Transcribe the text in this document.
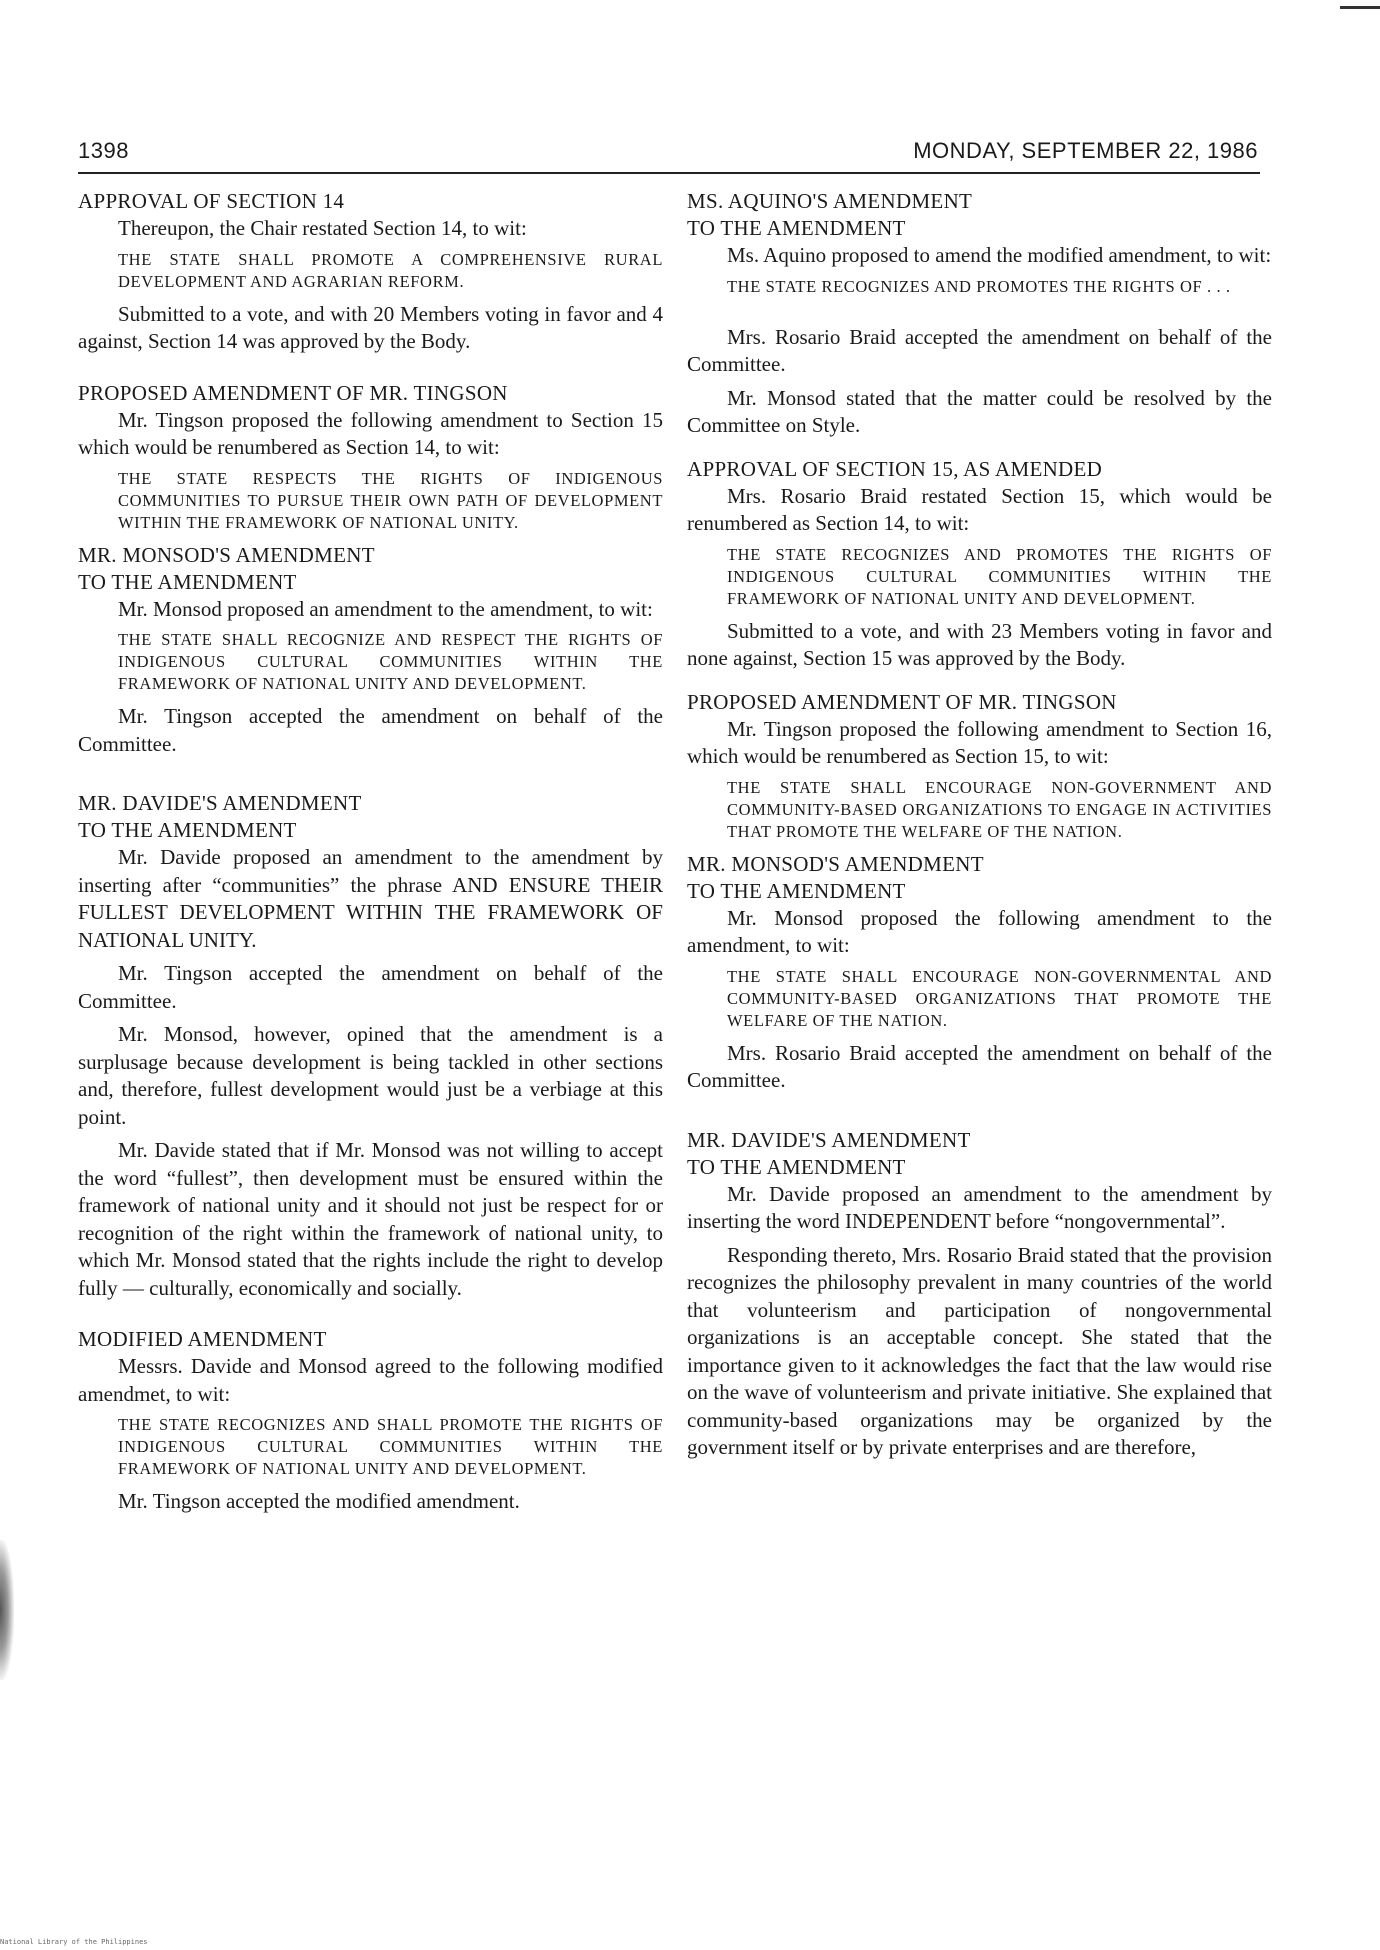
1398	MONDAY, SEPTEMBER 22, 1986
APPROVAL OF SECTION 14
Thereupon, the Chair restated Section 14, to wit:
THE STATE SHALL PROMOTE A COMPREHENSIVE RURAL DEVELOPMENT AND AGRARIAN REFORM.
Submitted to a vote, and with 20 Members voting in favor and 4 against, Section 14 was approved by the Body.
PROPOSED AMENDMENT OF MR. TINGSON
Mr. Tingson proposed the following amendment to Section 15 which would be renumbered as Section 14, to wit:
THE STATE RESPECTS THE RIGHTS OF INDIGENOUS COMMUNITIES TO PURSUE THEIR OWN PATH OF DEVELOPMENT WITHIN THE FRAMEWORK OF NATIONAL UNITY.
MR. MONSOD'S AMENDMENT
TO THE AMENDMENT
Mr. Monsod proposed an amendment to the amendment, to wit:
THE STATE SHALL RECOGNIZE AND RESPECT THE RIGHTS OF INDIGENOUS CULTURAL COMMUNITIES WITHIN THE FRAMEWORK OF NATIONAL UNITY AND DEVELOPMENT.
Mr. Tingson accepted the amendment on behalf of the Committee.
MR. DAVIDE'S AMENDMENT
TO THE AMENDMENT
Mr. Davide proposed an amendment to the amendment by inserting after “communities” the phrase AND ENSURE THEIR FULLEST DEVELOPMENT WITHIN THE FRAMEWORK OF NATIONAL UNITY.
Mr. Tingson accepted the amendment on behalf of the Committee.
Mr. Monsod, however, opined that the amendment is a surplusage because development is being tackled in other sections and, therefore, fullest development would just be a verbiage at this point.
Mr. Davide stated that if Mr. Monsod was not willing to accept the word “fullest”, then development must be ensured within the framework of national unity and it should not just be respect for or recognition of the right within the framework of national unity, to which Mr. Monsod stated that the rights include the right to develop fully — culturally, economically and socially.
MODIFIED AMENDMENT
Messrs. Davide and Monsod agreed to the following modified amendmet, to wit:
THE STATE RECOGNIZES AND SHALL PROMOTE THE RIGHTS OF INDIGENOUS CULTURAL COMMUNITIES WITHIN THE FRAMEWORK OF NATIONAL UNITY AND DEVELOPMENT.
Mr. Tingson accepted the modified amendment.
MS. AQUINO'S AMENDMENT
TO THE AMENDMENT
Ms. Aquino proposed to amend the modified amendment, to wit:
THE STATE RECOGNIZES AND PROMOTES THE RIGHTS OF . . .
Mrs. Rosario Braid accepted the amendment on behalf of the Committee.
Mr. Monsod stated that the matter could be resolved by the Committee on Style.
APPROVAL OF SECTION 15, AS AMENDED
Mrs. Rosario Braid restated Section 15, which would be renumbered as Section 14, to wit:
THE STATE RECOGNIZES AND PROMOTES THE RIGHTS OF INDIGENOUS CULTURAL COMMUNITIES WITHIN THE FRAMEWORK OF NATIONAL UNITY AND DEVELOPMENT.
Submitted to a vote, and with 23 Members voting in favor and none against, Section 15 was approved by the Body.
PROPOSED AMENDMENT OF MR. TINGSON
Mr. Tingson proposed the following amendment to Section 16, which would be renumbered as Section 15, to wit:
THE STATE SHALL ENCOURAGE NON-GOVERNMENT AND COMMUNITY-BASED ORGANIZATIONS TO ENGAGE IN ACTIVITIES THAT PROMOTE THE WELFARE OF THE NATION.
MR. MONSOD'S AMENDMENT
TO THE AMENDMENT
Mr. Monsod proposed the following amendment to the amendment, to wit:
THE STATE SHALL ENCOURAGE NON-GOVERNMENTAL AND COMMUNITY-BASED ORGANIZATIONS THAT PROMOTE THE WELFARE OF THE NATION.
Mrs. Rosario Braid accepted the amendment on behalf of the Committee.
MR. DAVIDE'S AMENDMENT
TO THE AMENDMENT
Mr. Davide proposed an amendment to the amendment by inserting the word INDEPENDENT before “nongovernmental”.
Responding thereto, Mrs. Rosario Braid stated that the provision recognizes the philosophy prevalent in many countries of the world that volunteerism and participation of nongovernmental organizations is an acceptable concept. She stated that the importance given to it acknowledges the fact that the law would rise on the wave of volunteerism and private initiative. She explained that community-based organizations may be organized by the government itself or by private enterprises and are therefore,
National Library of the Philippines
